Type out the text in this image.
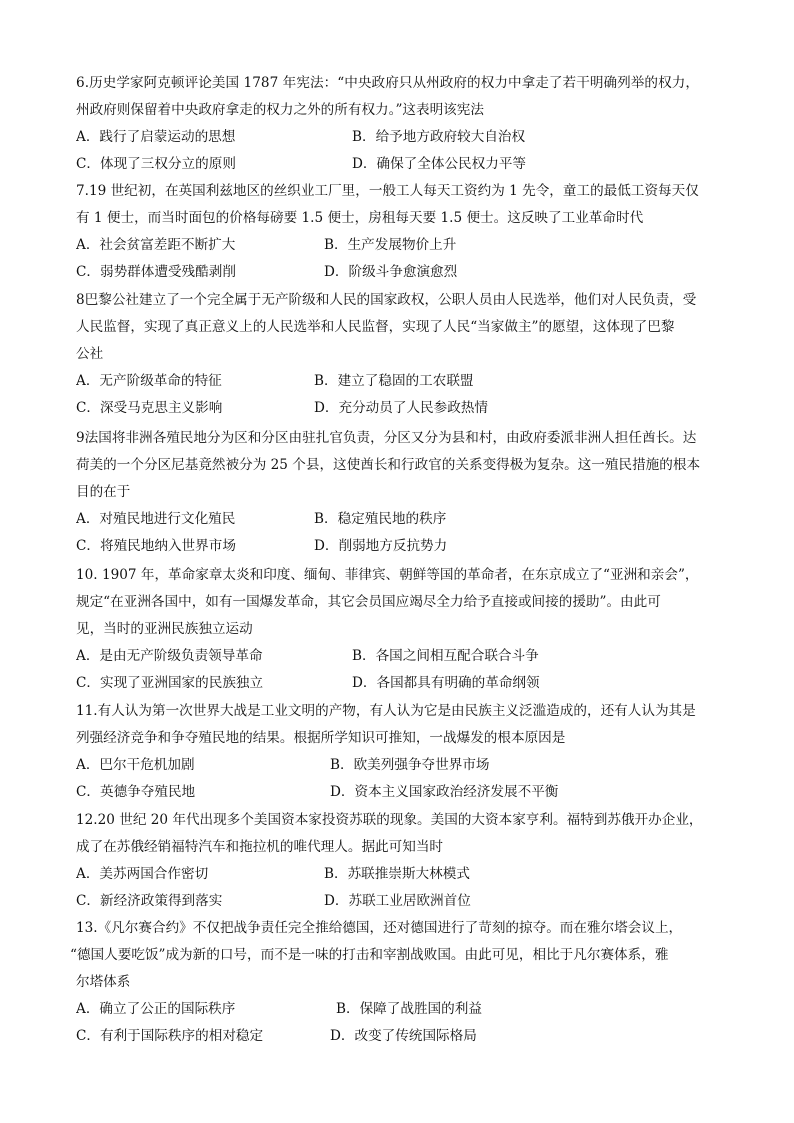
6.历史学家阿克顿评论美国 1787 年宪法：“中央政府只从州政府的权力中拿走了若干明确列举的权力，
州政府则保留着中央政府拿走的权力之外的所有权力。”这表明该宪法
A．践行了启蒙运动的思想	B．给予地方政府较大自治权
C．体现了三权分立的原则	D．确保了全体公民权力平等
7.19 世纪初，在英国利兹地区的丝织业工厂里，一般工人每天工资约为 1 先令，童工的最低工资每天仅
有 1 便士，而当时面包的价格每磅要 1.5 便士，房租每天要 1.5 便士。这反映了工业革命时代
A．社会贫富差距不断扩大	B．生产发展物价上升
C．弱势群体遭受残酷剥削	D．阶级斗争愈演愈烈
8巴黎公社建立了一个完全属于无产阶级和人民的国家政权，公职人员由人民选举，他们对人民负责，受
人民监督，实现了真正意义上的人民选举和人民监督，实现了人民“当家做主”的愿望，这体现了巴黎
公社
A．无产阶级革命的特征	B．建立了稳固的工农联盟
C．深受马克思主义影响	D．充分动员了人民参政热情
9法国将非洲各殖民地分为区和分区由驻扎官负责，分区又分为县和村，由政府委派非洲人担任酋长。达
荷美的一个分区尼基竟然被分为 25 个县，这使酋长和行政官的关系变得极为复杂。这一殖民措施的根本
目的在于
A．对殖民地进行文化殖民	B．稳定殖民地的秩序
C．将殖民地纳入世界市场	D．削弱地方反抗势力
10. 1907 年，革命家章太炎和印度、缅甸、菲律宾、朝鲜等国的革命者，在东京成立了“亚洲和亲会”，
规定“在亚洲各国中，如有一国爆发革命，其它会员国应竭尽全力给予直接或间接的援助”。由此可
见，当时的亚洲民族独立运动
A．是由无产阶级负责领导革命	B．各国之间相互配合联合斗争
C．实现了亚洲国家的民族独立	D．各国都具有明确的革命纲领
11.有人认为第一次世界大战是工业文明的产物，有人认为它是由民族主义泛滥造成的，还有人认为其是
列强经济竞争和争夺殖民地的结果。根据所学知识可推知，一战爆发的根本原因是
A．巴尔干危机加剧	B．欧美列强争夺世界市场
C．英德争夺殖民地	D．资本主义国家政治经济发展不平衡
12.20 世纪 20 年代出现多个美国资本家投资苏联的现象。美国的大资本家亨利。福特到苏俄开办企业，
成了在苏俄经销福特汽车和拖拉机的唯代理人。据此可知当时
A．美苏两国合作密切	B．苏联推崇斯大林模式
C．新经济政策得到落实	D．苏联工业居欧洲首位
13.《凡尔赛合约》不仅把战争责任完全推给德国，还对德国进行了苛刻的掠夺。而在雅尔塔会议上，
“德国人要吃饭”成为新的口号，而不是一味的打击和宰割战败国。由此可见，相比于凡尔赛体系，雅
尔塔体系
A．确立了公正的国际秩序	B．保障了战胜国的利益
C．有利于国际秩序的相对稳定	D．改变了传统国际格局
